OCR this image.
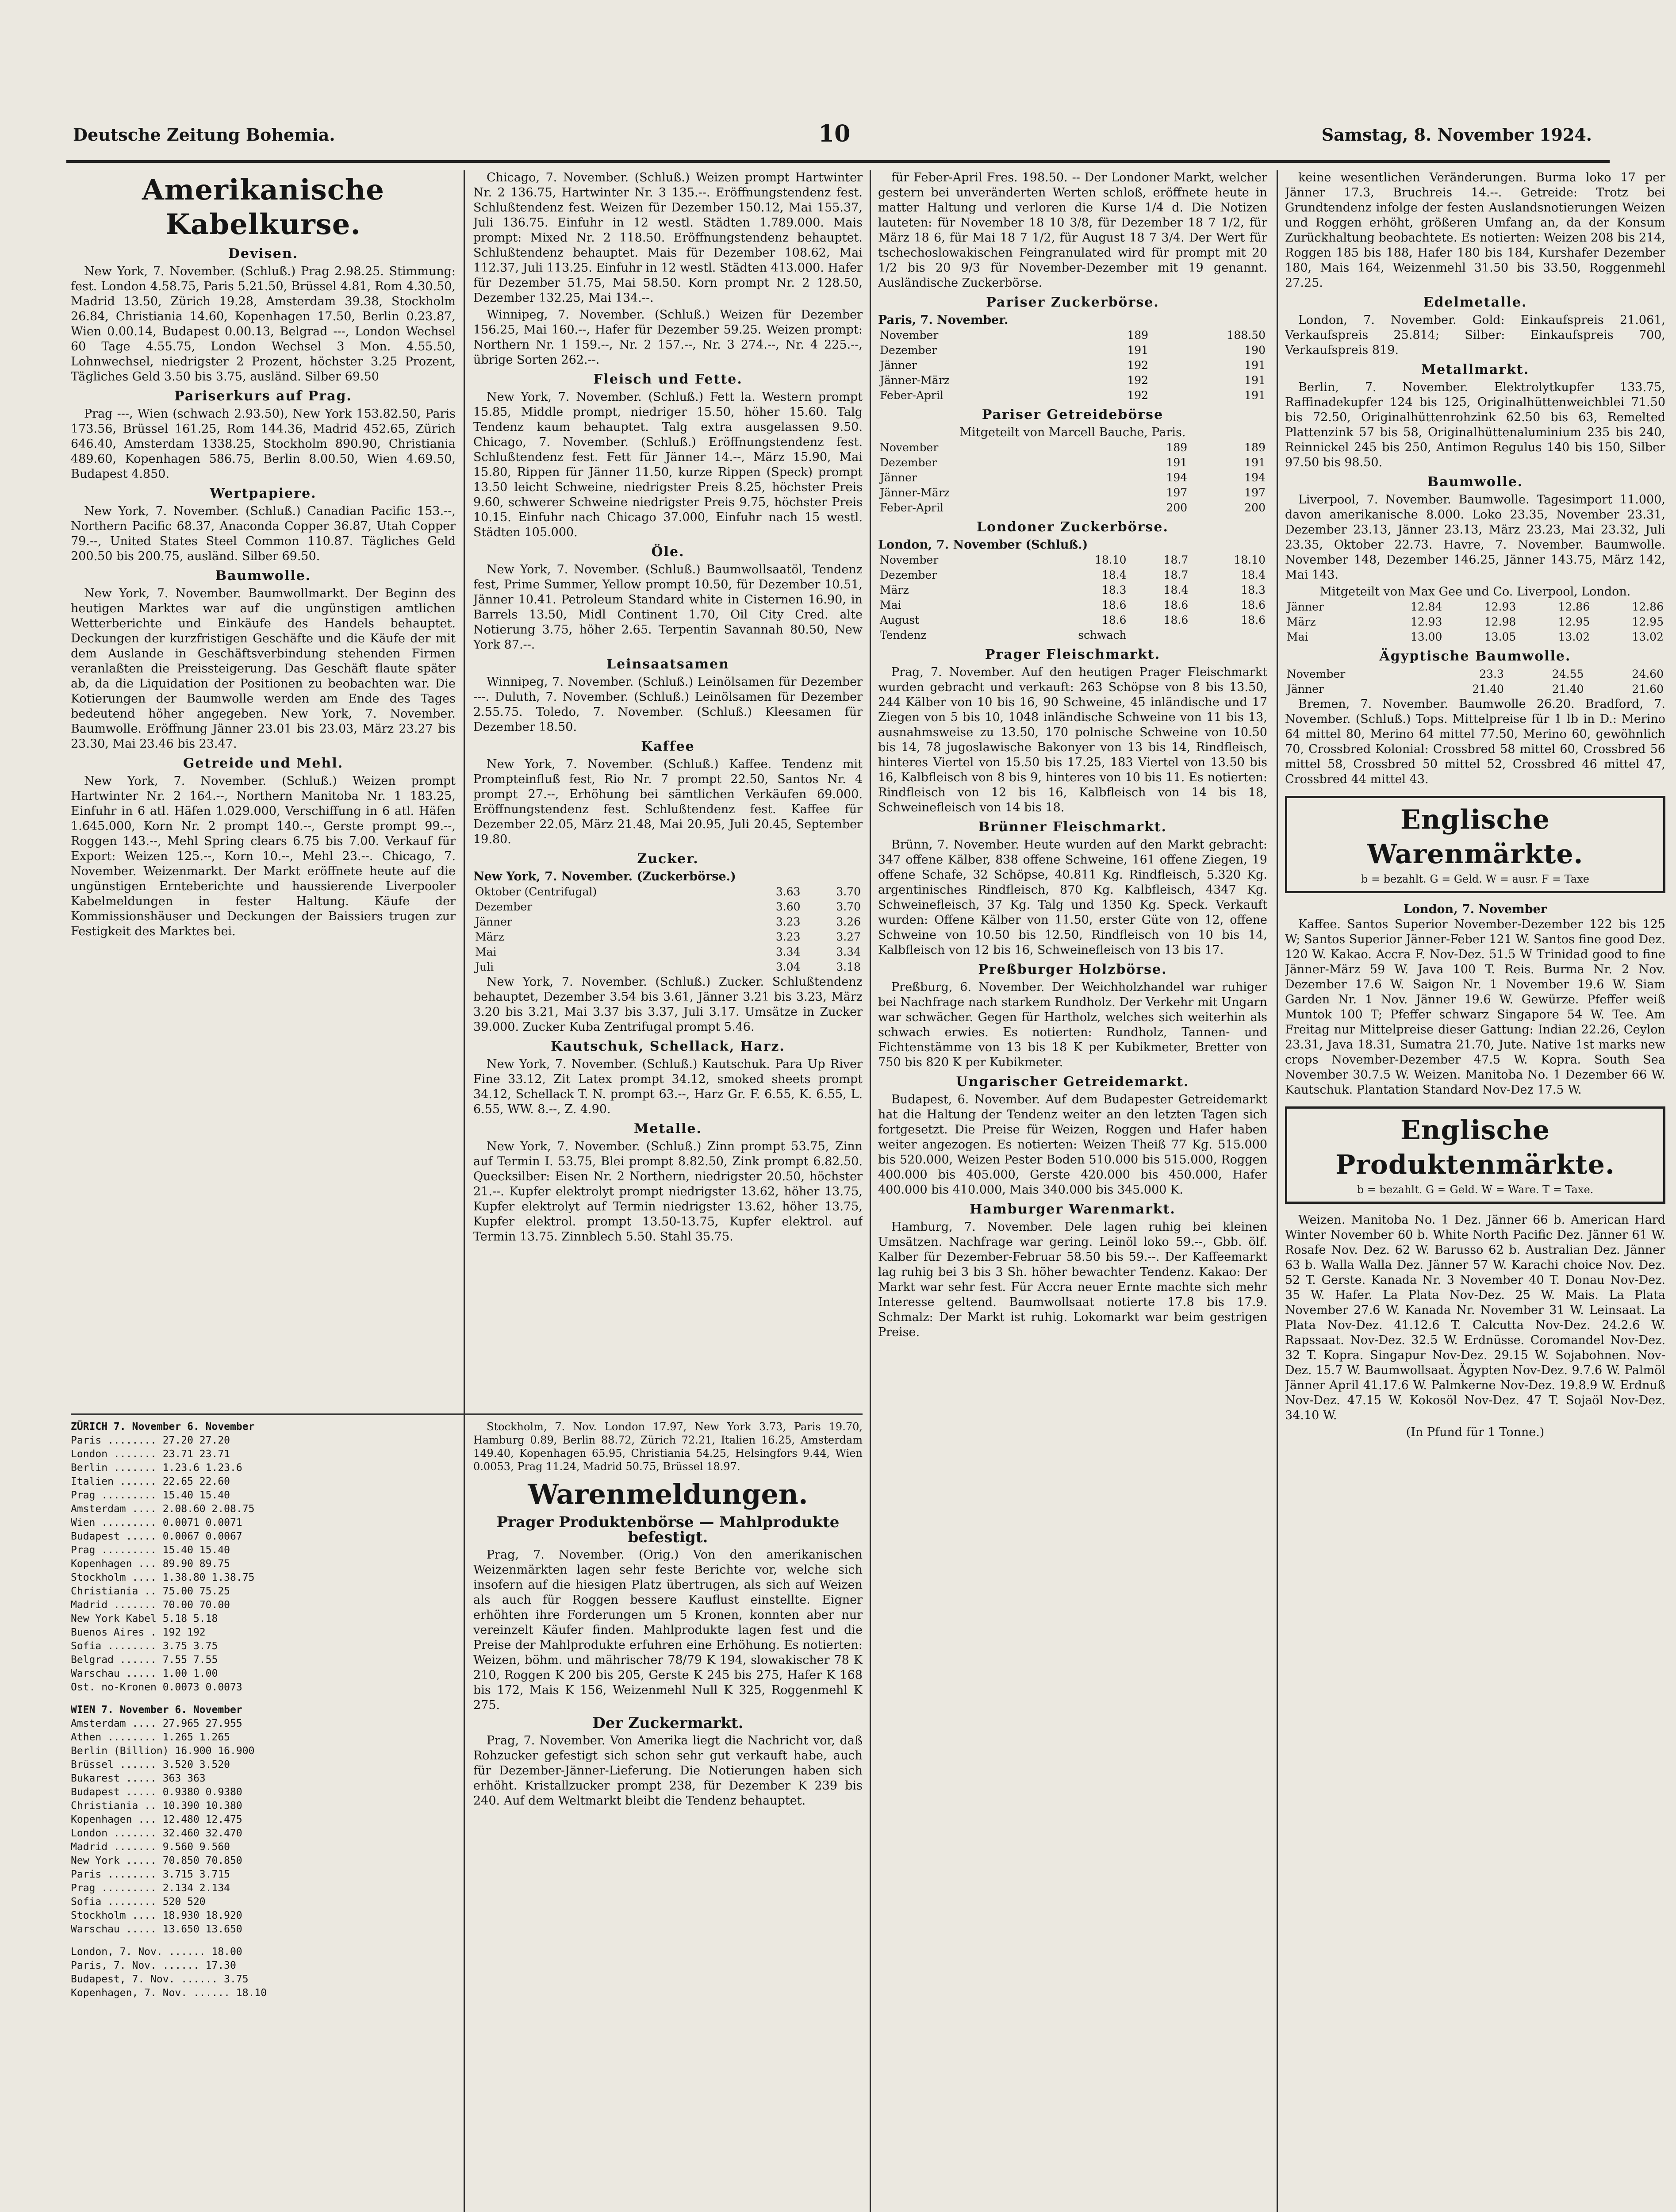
Deutsche Zeitung Bohemia.	10	Samstag, 8. November 1924.
Amerikanische Kabelkurse.
Devisen.

New York, 7. November. (Schluß.) Prag 2.98.25. Stimmung: fest. London 4.58.75, Paris 5.21.50, Brüssel 4.81, Rom 4.30.50, Madrid 13.50, Zürich 19.28, Amsterdam 39.38, Stockholm 26.84, Christiania 14.60, Kopenhagen 17.50, Berlin 0.23.87, Wien 0.00.14, Budapest 0.00.13, Belgrad ---, London Wechsel 60 Tage 4.55.75, London Wechsel 3 Mon. 4.55.50, Lohnwechsel, niedrigster 2 Prozent, höchster 3.25 Prozent, Tägliches Geld 3.50 bis 3.75, ausländ. Silber 69.50

Pariserkurs auf Prag.

Prag ---, Wien (schwach 2.93.50), New York 153.82.50, Paris 173.56, Brüssel 161.25, Rom 144.36, Madrid 452.65, Zürich 646.40, Amsterdam 1338.25, Stockholm 890.90, Christiania 489.60, Kopenhagen 586.75, Berlin 8.00.50, Wien 4.69.50, Budapest 4.850.

Wertpapiere.

New York, 7. November. (Schluß.) Canadian Pacific 153.--, Northern Pacific 68.37, Anaconda Copper 36.87, Utah Copper 79.--, United States Steel Common 110.87. Tägliches Geld 200.50 bis 200.75, ausländ. Silber 69.50.

Baumwolle.

New York, 7. November. Baumwollmarkt. Der Beginn des heutigen Marktes war auf die ungünstigen amtlichen Wetterberichte und Einkäufe des Handels behauptet. Deckungen der kurzfristigen Geschäfte und die Käufe der mit dem Auslande in Geschäftsverbindung stehenden Firmen veranlaßten die Preissteigerung. Das Geschäft flaute später ab, da die Liquidation der Positionen zu beobachten war. Die Kotierungen der Baumwolle werden am Ende des Tages bedeutend höher angegeben. New York, 7. November. Baumwolle. Eröffnung Jänner 23.01 bis 23.03, März 23.27 bis 23.30, Mai 23.46 bis 23.47.

Getreide und Mehl.

New York, 7. November. (Schluß.) Weizen prompt Hartwinter Nr. 2 164.--, Northern Manitoba Nr. 1 183.25, Einfuhr in 6 atl. Häfen 1.029.000, Verschiffung in 6 atl. Häfen 1.645.000, Korn Nr. 2 prompt 140.--, Gerste prompt 99.--, Roggen 143.--, Mehl Spring clears 6.75 bis 7.00. Verkauf für Export: Weizen 125.--, Korn 10.--, Mehl 23.--. Chicago, 7. November. Weizenmarkt. Der Markt eröffnete heute auf die ungünstigen Ernteberichte und haussierende Liverpooler Kabelmeldungen in fester Haltung. Käufe der Kommissionshäuser und Deckungen der Baissiers trugen zur Festigkeit des Marktes bei.

ZÜRICH 7. November 6. November
Paris ........ 27.20 27.20
London ....... 23.71 23.71
Berlin ....... 1.23.6 1.23.6
Italien ...... 22.65 22.60
Prag ......... 15.40 15.40
Amsterdam .... 2.08.60 2.08.75
Wien ......... 0.0071 0.0071
Budapest ..... 0.0067 0.0067
Prag ......... 15.40 15.40
Kopenhagen ... 89.90 89.75
Stockholm .... 1.38.80 1.38.75
Christiania .. 75.00 75.25
Madrid ....... 70.00 70.00
New York Kabel 5.18 5.18
Buenos Aires . 192 192
Sofia ........ 3.75 3.75
Belgrad ...... 7.55 7.55
Warschau ..... 1.00 1.00
Ost. no-Kronen 0.0073 0.0073
WIEN 7. November 6. November
Amsterdam .... 27.965 27.955
Athen ........ 1.265 1.265
Berlin (Billion) 16.900 16.900
Brüssel ...... 3.520 3.520
Bukarest ..... 363 363
Budapest ..... 0.9380 0.9380
Christiania .. 10.390 10.380
Kopenhagen ... 12.480 12.475
London ....... 32.460 32.470
Madrid ....... 9.560 9.560
New York ..... 70.850 70.850
Paris ........ 3.715 3.715
Prag ......... 2.134 2.134
Sofia ........ 520 520
Stockholm .... 18.930 18.920
Warschau ..... 13.650 13.650
London, 7. Nov. ...... 18.00
Paris, 7. Nov. ...... 17.30
Budapest, 7. Nov. ...... 3.75
Kopenhagen, 7. Nov. ...... 18.10

Chicago, 7. November. (Schluß.) Weizen prompt Hartwinter Nr. 2 136.75, Hartwinter Nr. 3 135.--. Eröffnungstendenz fest. Schlußtendenz fest. Weizen für Dezember 150.12, Mai 155.37, Juli 136.75. Einfuhr in 12 westl. Städten 1.789.000. Mais prompt: Mixed Nr. 2 118.50. Eröffnungstendenz behauptet. Schlußtendenz behauptet. Mais für Dezember 108.62, Mai 112.37, Juli 113.25. Einfuhr in 12 westl. Städten 413.000. Hafer für Dezember 51.75, Mai 58.50. Korn prompt Nr. 2 128.50, Dezember 132.25, Mai 134.--.

Winnipeg, 7. November. (Schluß.) Weizen für Dezember 156.25, Mai 160.--, Hafer für Dezember 59.25. Weizen prompt: Northern Nr. 1 159.--, Nr. 2 157.--, Nr. 3 274.--, Nr. 4 225.--, übrige Sorten 262.--.

Fleisch und Fette.

New York, 7. November. (Schluß.) Fett la. Western prompt 15.85, Middle prompt, niedriger 15.50, höher 15.60. Talg Tendenz kaum behauptet. Talg extra ausgelassen 9.50. Chicago, 7. November. (Schluß.) Eröffnungstendenz fest. Schlußtendenz fest. Fett für Jänner 14.--, März 15.90, Mai 15.80, Rippen für Jänner 11.50, kurze Rippen (Speck) prompt 13.50 leicht Schweine, niedrigster Preis 8.25, höchster Preis 9.60, schwerer Schweine niedrigster Preis 9.75, höchster Preis 10.15. Einfuhr nach Chicago 37.000, Einfuhr nach 15 westl. Städten 105.000.

Öle.

New York, 7. November. (Schluß.) Baumwollsaatöl, Tendenz fest, Prime Summer, Yellow prompt 10.50, für Dezember 10.51, Jänner 10.41. Petroleum Standard white in Cisternen 16.90, in Barrels 13.50, Midl Continent 1.70, Oil City Cred. alte Notierung 3.75, höher 2.65. Terpentin Savannah 80.50, New York 87.--.

Leinsaatsamen

Winnipeg, 7. November. (Schluß.) Leinölsamen für Dezember ---. Duluth, 7. November. (Schluß.) Leinölsamen für Dezember 2.55.75. Toledo, 7. November. (Schluß.) Kleesamen für Dezember 18.50.

Kaffee

New York, 7. November. (Schluß.) Kaffee. Tendenz mit Prompteinfluß fest, Rio Nr. 7 prompt 22.50, Santos Nr. 4 prompt 27.--, Erhöhung bei sämtlichen Verkäufen 69.000. Eröffnungstendenz fest. Schlußtendenz fest. Kaffee für Dezember 22.05, März 21.48, Mai 20.95, Juli 20.45, September 19.80.

Zucker.
New York, 7. November. (Zuckerbörse.)
Oktober (Centrifugal)	3.63	3.70
Dezember	3.60	3.70
Jänner	3.23	3.26
März	3.23	3.27
Mai	3.34	3.34
Juli	3.04	3.18

New York, 7. November. (Schluß.) Zucker. Schlußtendenz behauptet, Dezember 3.54 bis 3.61, Jänner 3.21 bis 3.23, März 3.20 bis 3.21, Mai 3.37 bis 3.37, Juli 3.17. Umsätze in Zucker 39.000. Zucker Kuba Zentrifugal prompt 5.46.

Kautschuk, Schellack, Harz.

New York, 7. November. (Schluß.) Kautschuk. Para Up River Fine 33.12, Zit Latex prompt 34.12, smoked sheets prompt 34.12, Schellack T. N. prompt 63.--, Harz Gr. F. 6.55, K. 6.55, L. 6.55, WW. 8.--, Z. 4.90.

Metalle.

New York, 7. November. (Schluß.) Zinn prompt 53.75, Zinn auf Termin I. 53.75, Blei prompt 8.82.50, Zink prompt 6.82.50. Quecksilber: Eisen Nr. 2 Northern, niedrigster 20.50, höchster 21.--. Kupfer elektrolyt prompt niedrigster 13.62, höher 13.75, Kupfer elektrolyt auf Termin niedrigster 13.62, höher 13.75, Kupfer elektrol. prompt 13.50-13.75, Kupfer elektrol. auf Termin 13.75. Zinnblech 5.50. Stahl 35.75.

Stockholm, 7. Nov. London 17.97, New York 3.73, Paris 19.70, Hamburg 0.89, Berlin 88.72, Zürich 72.21, Italien 16.25, Amsterdam 149.40, Kopenhagen 65.95, Christiania 54.25, Helsingfors 9.44, Wien 0.0053, Prag 11.24, Madrid 50.75, Brüssel 18.97.

Warenmeldungen.
Prager Produktenbörse — Mahlprodukte befestigt.

Prag, 7. November. (Orig.) Von den amerikanischen Weizenmärkten lagen sehr feste Berichte vor, welche sich insofern auf die hiesigen Platz übertrugen, als sich auf Weizen als auch für Roggen bessere Kauflust einstellte. Eigner erhöhten ihre Forderungen um 5 Kronen, konnten aber nur vereinzelt Käufer finden. Mahlprodukte lagen fest und die Preise der Mahlprodukte erfuhren eine Erhöhung. Es notierten: Weizen, böhm. und mährischer 78/79 K 194, slowakischer 78 K 210, Roggen K 200 bis 205, Gerste K 245 bis 275, Hafer K 168 bis 172, Mais K 156, Weizenmehl Null K 325, Roggenmehl K 275.

Der Zuckermarkt.

Prag, 7. November. Von Amerika liegt die Nachricht vor, daß Rohzucker gefestigt sich schon sehr gut verkauft habe, auch für Dezember-Jänner-Lieferung. Die Notierungen haben sich erhöht. Kristallzucker prompt 238, für Dezember K 239 bis 240. Auf dem Weltmarkt bleibt die Tendenz behauptet.

für Feber-April Fres. 198.50. -- Der Londoner Markt, welcher gestern bei unveränderten Werten schloß, eröffnete heute in matter Haltung und verloren die Kurse 1/4 d. Die Notizen lauteten: für November 18 10 3/8, für Dezember 18 7 1/2, für März 18 6, für Mai 18 7 1/2, für August 18 7 3/4. Der Wert für tschechoslowakischen Feingranulated wird für prompt mit 20 1/2 bis 20 9/3 für November-Dezember mit 19 genannt. Ausländische Zuckerbörse.

Pariser Zuckerbörse.
Paris, 7. November.
November	189	188.50
Dezember	191	190
Jänner	192	191
Jänner-März	192	191
Feber-April	192	191
Pariser Getreidebörse
Mitgeteilt von Marcell Bauche, Paris.
November	189	189
Dezember	191	191
Jänner	194	194
Jänner-März	197	197
Feber-April	200	200
Londoner Zuckerbörse.
London, 7. November (Schluß.)
November	18.10	18.7	18.10
Dezember	18.4	18.7	18.4
März	18.3	18.4	18.3
Mai	18.6	18.6	18.6
August	18.6	18.6	18.6
Tendenz	schwach		
Prager Fleischmarkt.

Prag, 7. November. Auf den heutigen Prager Fleischmarkt wurden gebracht und verkauft: 263 Schöpse von 8 bis 13.50, 244 Kälber von 10 bis 16, 90 Schweine, 45 inländische und 17 Ziegen von 5 bis 10, 1048 inländische Schweine von 11 bis 13, ausnahmsweise zu 13.50, 170 polnische Schweine von 10.50 bis 14, 78 jugoslawische Bakonyer von 13 bis 14, Rindfleisch, hinteres Viertel von 15.50 bis 17.25, 183 Viertel von 13.50 bis 16, Kalbfleisch von 8 bis 9, hinteres von 10 bis 11. Es notierten: Rindfleisch von 12 bis 16, Kalbfleisch von 14 bis 18, Schweinefleisch von 14 bis 18.

Brünner Fleischmarkt.

Brünn, 7. November. Heute wurden auf den Markt gebracht: 347 offene Kälber, 838 offene Schweine, 161 offene Ziegen, 19 offene Schafe, 32 Schöpse, 40.811 Kg. Rindfleisch, 5.320 Kg. argentinisches Rindfleisch, 870 Kg. Kalbfleisch, 4347 Kg. Schweinefleisch, 37 Kg. Talg und 1350 Kg. Speck. Verkauft wurden: Offene Kälber von 11.50, erster Güte von 12, offene Schweine von 10.50 bis 12.50, Rindfleisch von 10 bis 14, Kalbfleisch von 12 bis 16, Schweinefleisch von 13 bis 17.

Preßburger Holzbörse.

Preßburg, 6. November. Der Weichholzhandel war ruhiger bei Nachfrage nach starkem Rundholz. Der Verkehr mit Ungarn war schwächer. Gegen für Hartholz, welches sich weiterhin als schwach erwies. Es notierten: Rundholz, Tannen- und Fichtenstämme von 13 bis 18 K per Kubikmeter, Bretter von 750 bis 820 K per Kubikmeter.

Ungarischer Getreidemarkt.

Budapest, 6. November. Auf dem Budapester Getreidemarkt hat die Haltung der Tendenz weiter an den letzten Tagen sich fortgesetzt. Die Preise für Weizen, Roggen und Hafer haben weiter angezogen. Es notierten: Weizen Theiß 77 Kg. 515.000 bis 520.000, Weizen Pester Boden 510.000 bis 515.000, Roggen 400.000 bis 405.000, Gerste 420.000 bis 450.000, Hafer 400.000 bis 410.000, Mais 340.000 bis 345.000 K.

Hamburger Warenmarkt.

Hamburg, 7. November. Dele lagen ruhig bei kleinen Umsätzen. Nachfrage war gering. Leinöl loko 59.--, Gbb. ölf. Kalber für Dezember-Februar 58.50 bis 59.--. Der Kaffeemarkt lag ruhig bei 3 bis 3 Sh. höher bewachter Tendenz. Kakao: Der Markt war sehr fest. Für Accra neuer Ernte machte sich mehr Interesse geltend. Baumwollsaat notierte 17.8 bis 17.9. Schmalz: Der Markt ist ruhig. Lokomarkt war beim gestrigen Preise.

keine wesentlichen Veränderungen. Burma loko 17 per Jänner 17.3, Bruchreis 14.--. Getreide: Trotz bei Grundtendenz infolge der festen Auslandsnotierungen Weizen und Roggen erhöht, größeren Umfang an, da der Konsum Zurückhaltung beobachtete. Es notierten: Weizen 208 bis 214, Roggen 185 bis 188, Hafer 180 bis 184, Kurshafer Dezember 180, Mais 164, Weizenmehl 31.50 bis 33.50, Roggenmehl 27.25.

Edelmetalle.

London, 7. November. Gold: Einkaufspreis 21.061, Verkaufspreis 25.814; Silber: Einkaufspreis 700, Verkaufspreis 819.

Metallmarkt.

Berlin, 7. November. Elektrolytkupfer 133.75, Raffinadekupfer 124 bis 125, Originalhüttenweichblei 71.50 bis 72.50, Originalhüttenrohzink 62.50 bis 63, Remelted Plattenzink 57 bis 58, Originalhüttenaluminium 235 bis 240, Reinnickel 245 bis 250, Antimon Regulus 140 bis 150, Silber 97.50 bis 98.50.

Baumwolle.

Liverpool, 7. November. Baumwolle. Tagesimport 11.000, davon amerikanische 8.000. Loko 23.35, November 23.31, Dezember 23.13, Jänner 23.13, März 23.23, Mai 23.32, Juli 23.35, Oktober 22.73. Havre, 7. November. Baumwolle. November 148, Dezember 146.25, Jänner 143.75, März 142, Mai 143.

Mitgeteilt von Max Gee und Co. Liverpool, London.
Jänner	12.84	12.93	12.86	12.86
März	12.93	12.98	12.95	12.95
Mai	13.00	13.05	13.02	13.02
Ägyptische Baumwolle.
November	23.3	24.55	24.60
Jänner	21.40	21.40	21.60

Bremen, 7. November. Baumwolle 26.20. Bradford, 7. November. (Schluß.) Tops. Mittelpreise für 1 lb in D.: Merino 64 mittel 80, Merino 64 mittel 77.50, Merino 60, gewöhnlich 70, Crossbred Kolonial: Crossbred 58 mittel 60, Crossbred 56 mittel 58, Crossbred 50 mittel 52, Crossbred 46 mittel 47, Crossbred 44 mittel 43.

Englische Warenmärkte.
b = bezahlt. G = Geld. W = ausr. F = Taxe
London, 7. November

Kaffee. Santos Superior November-Dezember 122 bis 125 W; Santos Superior Jänner-Feber 121 W. Santos fine good Dez. 120 W. Kakao. Accra F. Nov-Dez. 51.5 W Trinidad good to fine Jänner-März 59 W. Java 100 T. Reis. Burma Nr. 2 Nov. Dezember 17.6 W. Saigon Nr. 1 November 19.6 W. Siam Garden Nr. 1 Nov. Jänner 19.6 W. Gewürze. Pfeffer weiß Muntok 100 T; Pfeffer schwarz Singapore 54 W. Tee. Am Freitag nur Mittelpreise dieser Gattung: Indian 22.26, Ceylon 23.31, Java 18.31, Sumatra 21.70, Jute. Native 1st marks new crops November-Dezember 47.5 W. Kopra. South Sea November 30.7.5 W. Weizen. Manitoba No. 1 Dezember 66 W. Kautschuk. Plantation Standard Nov-Dez 17.5 W.

Englische Produktenmärkte.
b = bezahlt. G = Geld. W = Ware. T = Taxe.

Weizen. Manitoba No. 1 Dez. Jänner 66 b. American Hard Winter November 60 b. White North Pacific Dez. Jänner 61 W. Rosafe Nov. Dez. 62 W. Barusso 62 b. Australian Dez. Jänner 63 b. Walla Walla Dez. Jänner 57 W. Karachi choice Nov. Dez. 52 T. Gerste. Kanada Nr. 3 November 40 T. Donau Nov-Dez. 35 W. Hafer. La Plata Nov-Dez. 25 W. Mais. La Plata November 27.6 W. Kanada Nr. November 31 W. Leinsaat. La Plata Nov-Dez. 41.12.6 T. Calcutta Nov-Dez. 24.2.6 W. Rapssaat. Nov-Dez. 32.5 W. Erdnüsse. Coromandel Nov-Dez. 32 T. Kopra. Singapur Nov-Dez. 29.15 W. Sojabohnen. Nov-Dez. 15.7 W. Baumwollsaat. Ägypten Nov-Dez. 9.7.6 W. Palmöl Jänner April 41.17.6 W. Palmkerne Nov-Dez. 19.8.9 W. Erdnuß Nov-Dez. 47.15 W. Kokosöl Nov-Dez. 47 T. Sojaöl Nov-Dez. 34.10 W.

(In Pfund für 1 Tonne.)
